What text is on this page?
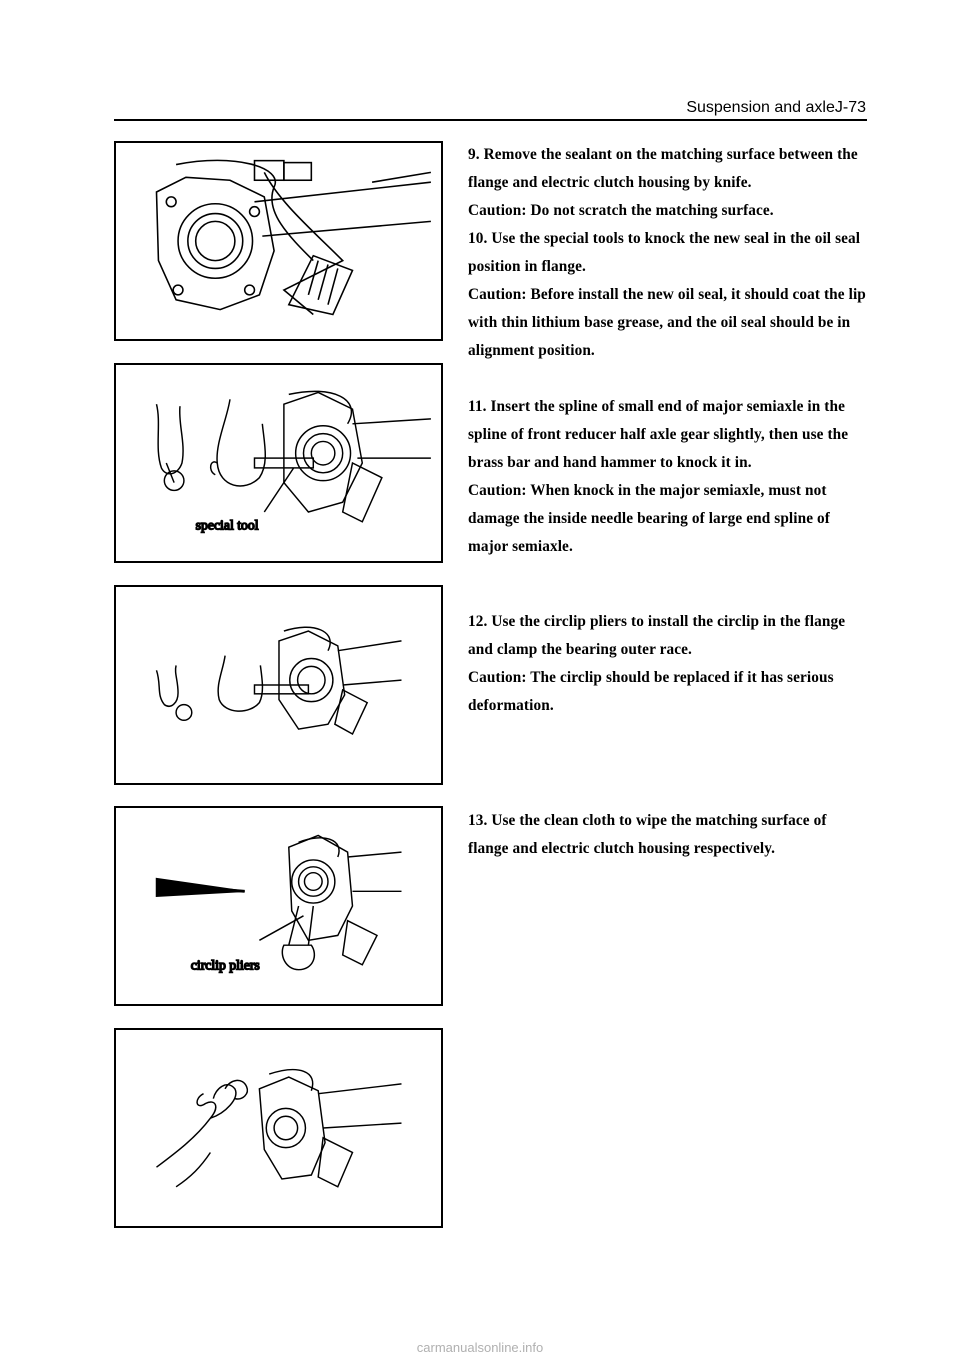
Suspension and axleJ-73
special tool
circlip pliers

9. Remove the sealant on the matching surface between the flange and electric clutch housing by knife.

Caution: Do not scratch the matching surface.

10. Use the special tools to knock the new seal in the oil seal position in flange.

Caution: Before install the new oil seal, it should coat the lip with thin lithium base grease, and the oil seal should be in alignment position.

11. Insert the spline of small end of major semiaxle in the spline of front reducer half axle gear slightly, then use the brass bar and hand hammer to knock it in.

Caution: When knock in the major semiaxle, must not damage the inside needle bearing of large end spline of major semiaxle.

12. Use the circlip pliers to install the circlip in the flange and clamp the bearing outer race.

Caution: The circlip should be replaced if it has serious deformation.

13. Use the clean cloth to wipe the matching surface of flange and electric clutch housing respectively.

carmanualsonline.info
